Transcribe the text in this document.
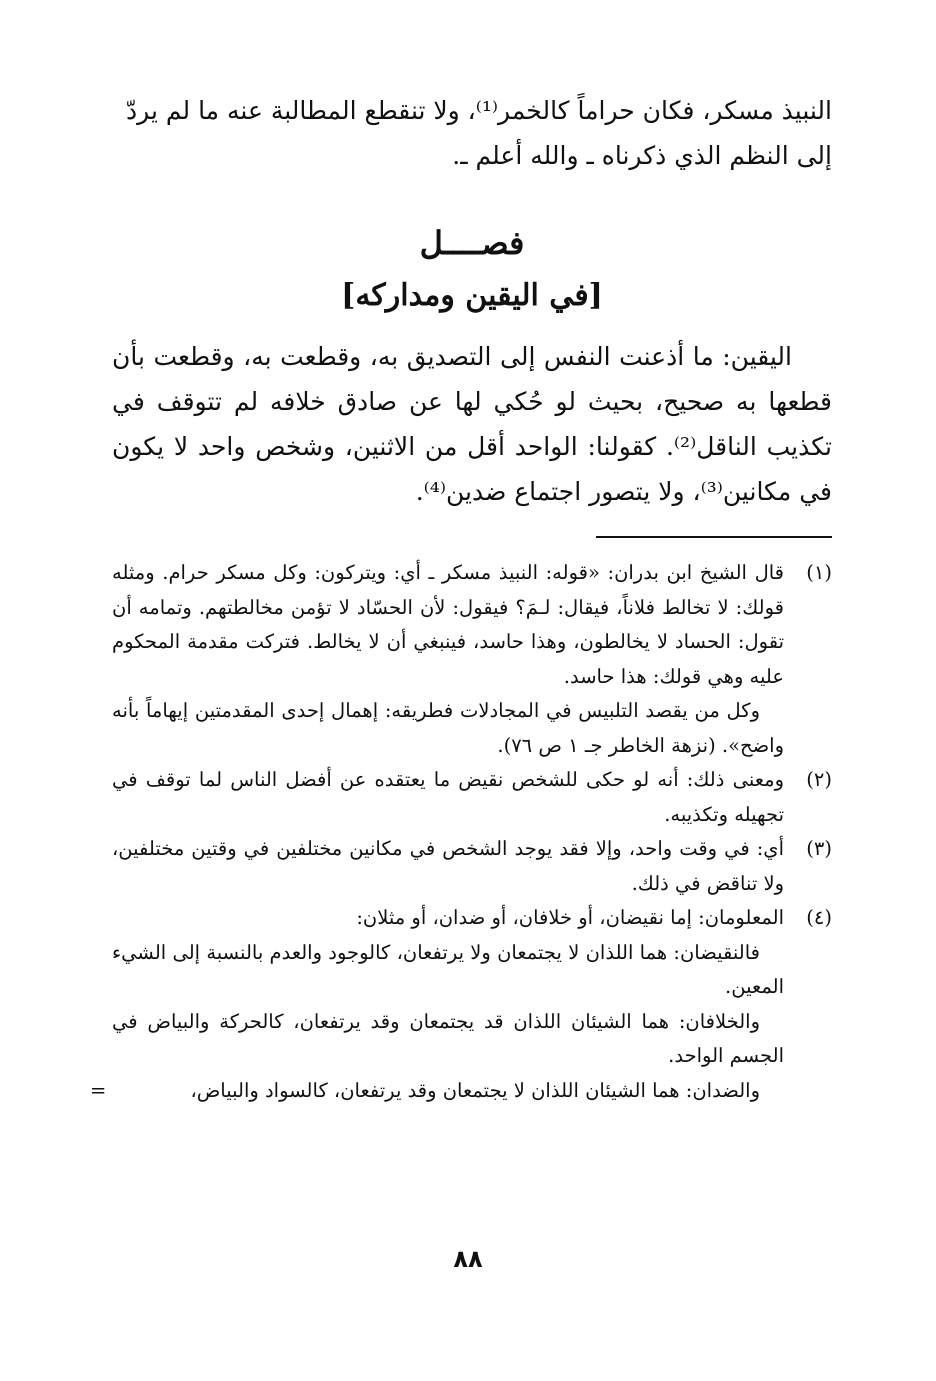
النبيذ مسكر، فكان حراماً كالخمر⁽¹⁾، ولا تنقطع المطالبة عنه ما لم يردّ

إلى النظم الذي ذكرناه ـ والله أعلم ـ.

فصــــل
[في اليقين ومداركه]
اليقين: ما أذعنت النفس إلى التصديق به، وقطعت به، وقطعت بأن قطعها به صحيح، بحيث لو حُكي لها عن صادق خلافه لم تتوقف في تكذيب الناقل⁽²⁾. كقولنا: الواحد أقل من الاثنين، وشخص واحد لا يكون في مكانين⁽³⁾، ولا يتصور اجتماع ضدين⁽⁴⁾.
(١)

قال الشيخ ابن بدران: «قوله: النبيذ مسكر ـ أي: ويتركون: وكل مسكر حرام. ومثله قولك: لا تخالط فلاناً، فيقال: لـمَ؟ فيقول: لأن الحسّاد لا تؤمن مخالطتهم. وتمامه أن تقول: الحساد لا يخالطون، وهذا حاسد، فينبغي أن لا يخالط. فتركت مقدمة المحكوم عليه وهي قولك: هذا حاسد.

وكل من يقصد التلبيس في المجادلات فطريقه: إهمال إحدى المقدمتين إيهاماً بأنه واضح». (نزهة الخاطر جـ ١ ص ٧٦).

(٢)

ومعنى ذلك: أنه لو حكى للشخص نقيض ما يعتقده عن أفضل الناس لما توقف في تجهيله وتكذيبه.

(٣)

أي: في وقت واحد، وإلا فقد يوجد الشخص في مكانين مختلفين في وقتين مختلفين، ولا تناقض في ذلك.

(٤)

المعلومان: إما نقيضان، أو خلافان، أو ضدان، أو مثلان:

فالنقيضان: هما اللذان لا يجتمعان ولا يرتفعان، كالوجود والعدم بالنسبة إلى الشيء المعين.

والخلافان: هما الشيئان اللذان قد يجتمعان وقد يرتفعان، كالحركة والبياض في الجسم الواحد.

والضدان: هما الشيئان اللذان لا يجتمعان وقد يرتفعان، كالسواد والبياض،

=
٨٨
